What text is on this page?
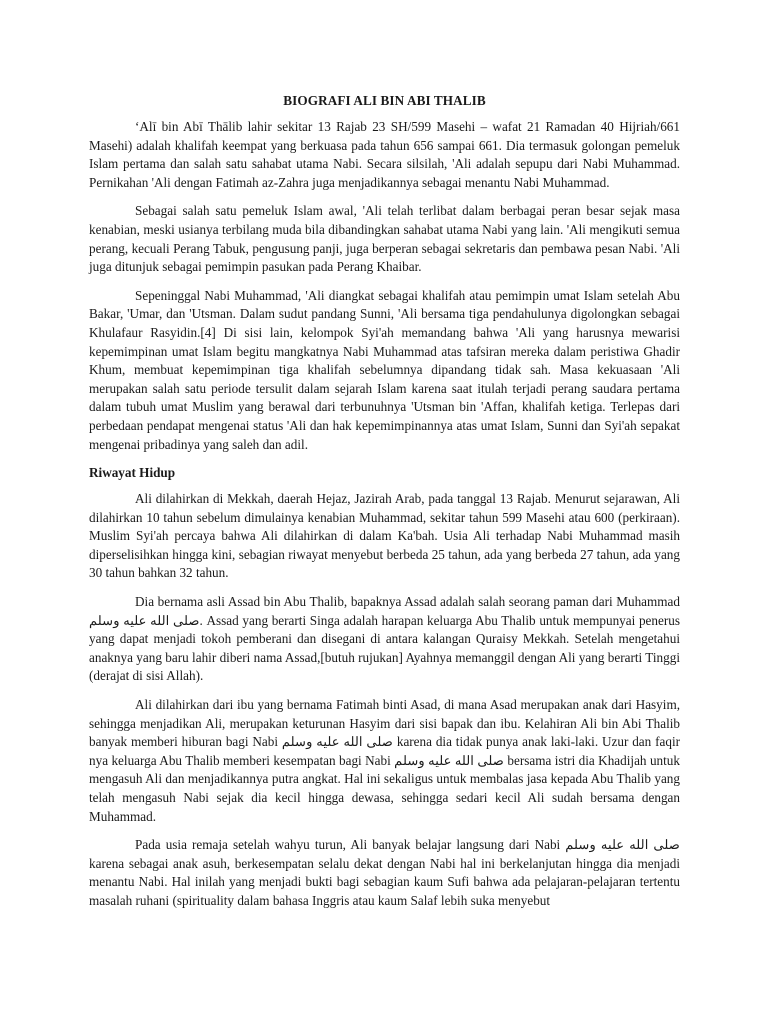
BIOGRAFI ALI BIN ABI THALIB

ʻAlī bin Abī Thālib lahir sekitar 13 Rajab 23 SH/599 Masehi – wafat 21 Ramadan 40 Hijriah/661 Masehi) adalah khalifah keempat yang berkuasa pada tahun 656 sampai 661. Dia termasuk golongan pemeluk Islam pertama dan salah satu sahabat utama Nabi. Secara silsilah, 'Ali adalah sepupu dari Nabi Muhammad. Pernikahan 'Ali dengan Fatimah az-Zahra juga menjadikannya sebagai menantu Nabi Muhammad.

Sebagai salah satu pemeluk Islam awal, 'Ali telah terlibat dalam berbagai peran besar sejak masa kenabian, meski usianya terbilang muda bila dibandingkan sahabat utama Nabi yang lain. 'Ali mengikuti semua perang, kecuali Perang Tabuk, pengusung panji, juga berperan sebagai sekretaris dan pembawa pesan Nabi. 'Ali juga ditunjuk sebagai pemimpin pasukan pada Perang Khaibar.

Sepeninggal Nabi Muhammad, 'Ali diangkat sebagai khalifah atau pemimpin umat Islam setelah Abu Bakar, 'Umar, dan 'Utsman. Dalam sudut pandang Sunni, 'Ali bersama tiga pendahulunya digolongkan sebagai Khulafaur Rasyidin.[4] Di sisi lain, kelompok Syi'ah memandang bahwa 'Ali yang harusnya mewarisi kepemimpinan umat Islam begitu mangkatnya Nabi Muhammad atas tafsiran mereka dalam peristiwa Ghadir Khum, membuat kepemimpinan tiga khalifah sebelumnya dipandang tidak sah. Masa kekuasaan 'Ali merupakan salah satu periode tersulit dalam sejarah Islam karena saat itulah terjadi perang saudara pertama dalam tubuh umat Muslim yang berawal dari terbunuhnya 'Utsman bin 'Affan, khalifah ketiga. Terlepas dari perbedaan pendapat mengenai status 'Ali dan hak kepemimpinannya atas umat Islam, Sunni dan Syi'ah sepakat mengenai pribadinya yang saleh dan adil.

Riwayat Hidup

Ali dilahirkan di Mekkah, daerah Hejaz, Jazirah Arab, pada tanggal 13 Rajab. Menurut sejarawan, Ali dilahirkan 10 tahun sebelum dimulainya kenabian Muhammad, sekitar tahun 599 Masehi atau 600 (perkiraan). Muslim Syi'ah percaya bahwa Ali dilahirkan di dalam Ka'bah. Usia Ali terhadap Nabi Muhammad masih diperselisihkan hingga kini, sebagian riwayat menyebut berbeda 25 tahun, ada yang berbeda 27 tahun, ada yang 30 tahun bahkan 32 tahun.

Dia bernama asli Assad bin Abu Thalib, bapaknya Assad adalah salah seorang paman dari Muhammad صلى الله عليه وسلم. Assad yang berarti Singa adalah harapan keluarga Abu Thalib untuk mempunyai penerus yang dapat menjadi tokoh pemberani dan disegani di antara kalangan Quraisy Mekkah. Setelah mengetahui anaknya yang baru lahir diberi nama Assad,[butuh rujukan] Ayahnya memanggil dengan Ali yang berarti Tinggi (derajat di sisi Allah).

Ali dilahirkan dari ibu yang bernama Fatimah binti Asad, di mana Asad merupakan anak dari Hasyim, sehingga menjadikan Ali, merupakan keturunan Hasyim dari sisi bapak dan ibu. Kelahiran Ali bin Abi Thalib banyak memberi hiburan bagi Nabi صلى الله عليه وسلم karena dia tidak punya anak laki-laki. Uzur dan faqir nya keluarga Abu Thalib memberi kesempatan bagi Nabi صلى الله عليه وسلم bersama istri dia Khadijah untuk mengasuh Ali dan menjadikannya putra angkat. Hal ini sekaligus untuk membalas jasa kepada Abu Thalib yang telah mengasuh Nabi sejak dia kecil hingga dewasa, sehingga sedari kecil Ali sudah bersama dengan Muhammad.

Pada usia remaja setelah wahyu turun, Ali banyak belajar langsung dari Nabi صلى الله عليه وسلم karena sebagai anak asuh, berkesempatan selalu dekat dengan Nabi hal ini berkelanjutan hingga dia menjadi menantu Nabi. Hal inilah yang menjadi bukti bagi sebagian kaum Sufi bahwa ada pelajaran-pelajaran tertentu masalah ruhani (spirituality dalam bahasa Inggris atau kaum Salaf lebih suka menyebut
